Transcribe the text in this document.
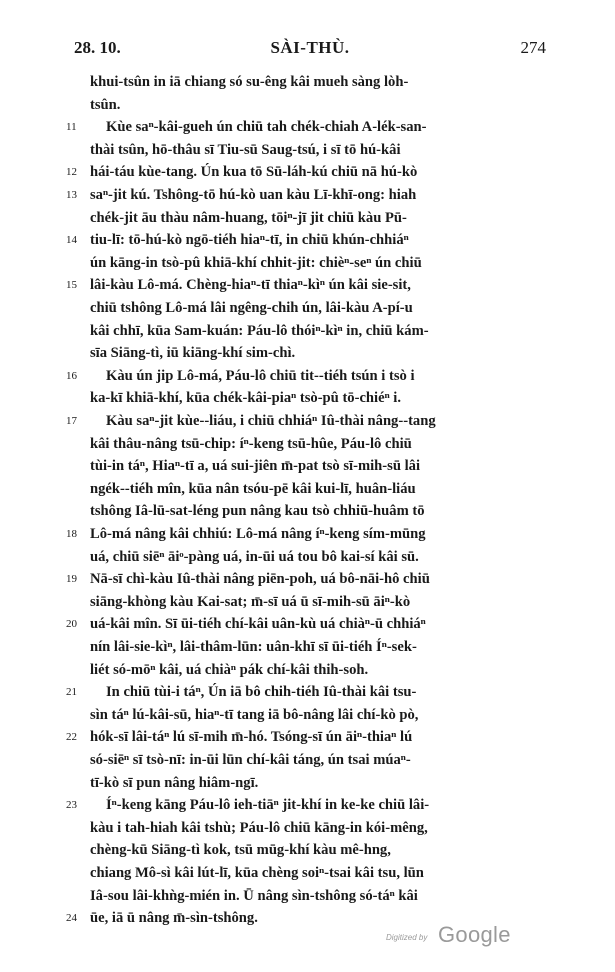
28. 10.	SÀI-THÙ.	274
khui-tsûn in iā chiang só su-êng kâi mueh sàng lòh-
tsûn.
11	Kùe saⁿ-kâi-gueh ún chiū tah chék-chiah A-lék-san-
thài tsûn, hō-thâu sī Tiu-sū Saug-tsú, i sī tō hú-kâi
12 hái-táu kùe-tang. Ún kua tō Sū-láh-kú chiū nā hú-kò
13 saⁿ-jit kú. Tshông-tō hú-kò uan kàu Lī-khī-ong: hiah
chék-jit āu thàu nâm-huang, tōiⁿ-jī jit chiū kàu Pū-
14 tiu-lī: tō-hú-kò ngō-tiéh hiaⁿ-tī, in chiū khún-chhiáⁿ
ún kāng-in tsò-pû khiā-khí chhit-jit: chièⁿ-seⁿ ún chiū
15 lâi-kàu Lô-má. Chèng-hiaⁿ-tī thiaⁿ-kìⁿ ún kâi sie-sit,
chiū tshông Lô-má lâi ngêng-chih ún, lâi-kàu A-pí-u
kâi chhī, kūa Sam-kuán: Páu-lô thóiⁿ-kìⁿ in, chiū kám-
sīa Siāng-tì, iū kiāng-khí sim-chì.
16	Kàu ún jip Lô-má, Páu-lô chiū tit--tiéh tsún i tsò i
ka-kī khiā-khí, kūa chék-kâi-piaⁿ tsò-pû tō-chiéⁿ i.
17	Kàu saⁿ-jit kùe--liáu, i chiū chhiáⁿ Iû-thài nâng--tang
kâi thâu-nâng tsū-chip: íⁿ-keng tsū-hûe, Páu-lô chiū
tùi-in táⁿ, Hiaⁿ-tī a, uá sui-jiên m̄-pat tsò sī-mih-sū lâi
ngék--tiéh mîn, kūa nân tsóu-pē kâi kui-lī, huân-liáu
tshông Iâ-lū-sat-léng pun nâng kau tsò chhiū-huâm tō
18 Lô-má nâng kâi chhiú: Lô-má nâng íⁿ-keng sím-mūng
uá, chiū siēⁿ āiᵒ-pàng uá, in-ūi uá tou bô kai-sí kâi sū.
19 Nā-sī chì-kàu Iû-thài nâng piēn-poh, uá bô-nāi-hô chiū
siāng-khòng kàu Kai-sat; m̄-sī uá ū sī-mih-sū āiⁿ-kò
20 uá-kâi mîn. Sī ūi-tiéh chí-kâi uân-kù uá chiàⁿ-ū chhiáⁿ
nín lâi-sie-kìⁿ, lâi-thâm-lūn: uân-khī sī ūi-tiéh Íⁿ-sek-
liét só-mōⁿ kâi, uá chiàⁿ pák chí-kâi thih-soh.
21	In chiū tùi-i táⁿ, Ún iā bô chih-tiéh Iû-thài kâi tsu-
sìn táⁿ lú-kâi-sū, hiaⁿ-tī tang iā bô-nâng lâi chí-kò pò,
22 hók-sī lâi-táⁿ lú sī-mih m̄-hó. Tsóng-sī ún āiⁿ-thiaⁿ lú
só-siēⁿ sī tsò-nī: in-ūi lūn chí-kâi táng, ún tsai múaⁿ-
tī-kò sī pun nâng hiâm-ngī.
23	Íⁿ-keng kāng Páu-lô ieh-tiāⁿ jit-khí in ke-ke chiū lâi-
kàu i tah-hiah kâi tshù; Páu-lô chiū kāng-in kói-mêng,
chèng-kū Siāng-tì kok, tsū mūg-khí kàu mê-hng,
chiang Mô-sì kâi lút-lī, kūa chèng soiⁿ-tsai kâi tsu, lūn
Iâ-sou lâi-khǹg-mién in. Ū nâng sìn-tshông só-táⁿ kâi
24 ūe, iā ū nâng m̄-sìn-tshông.
Digitized by Google
